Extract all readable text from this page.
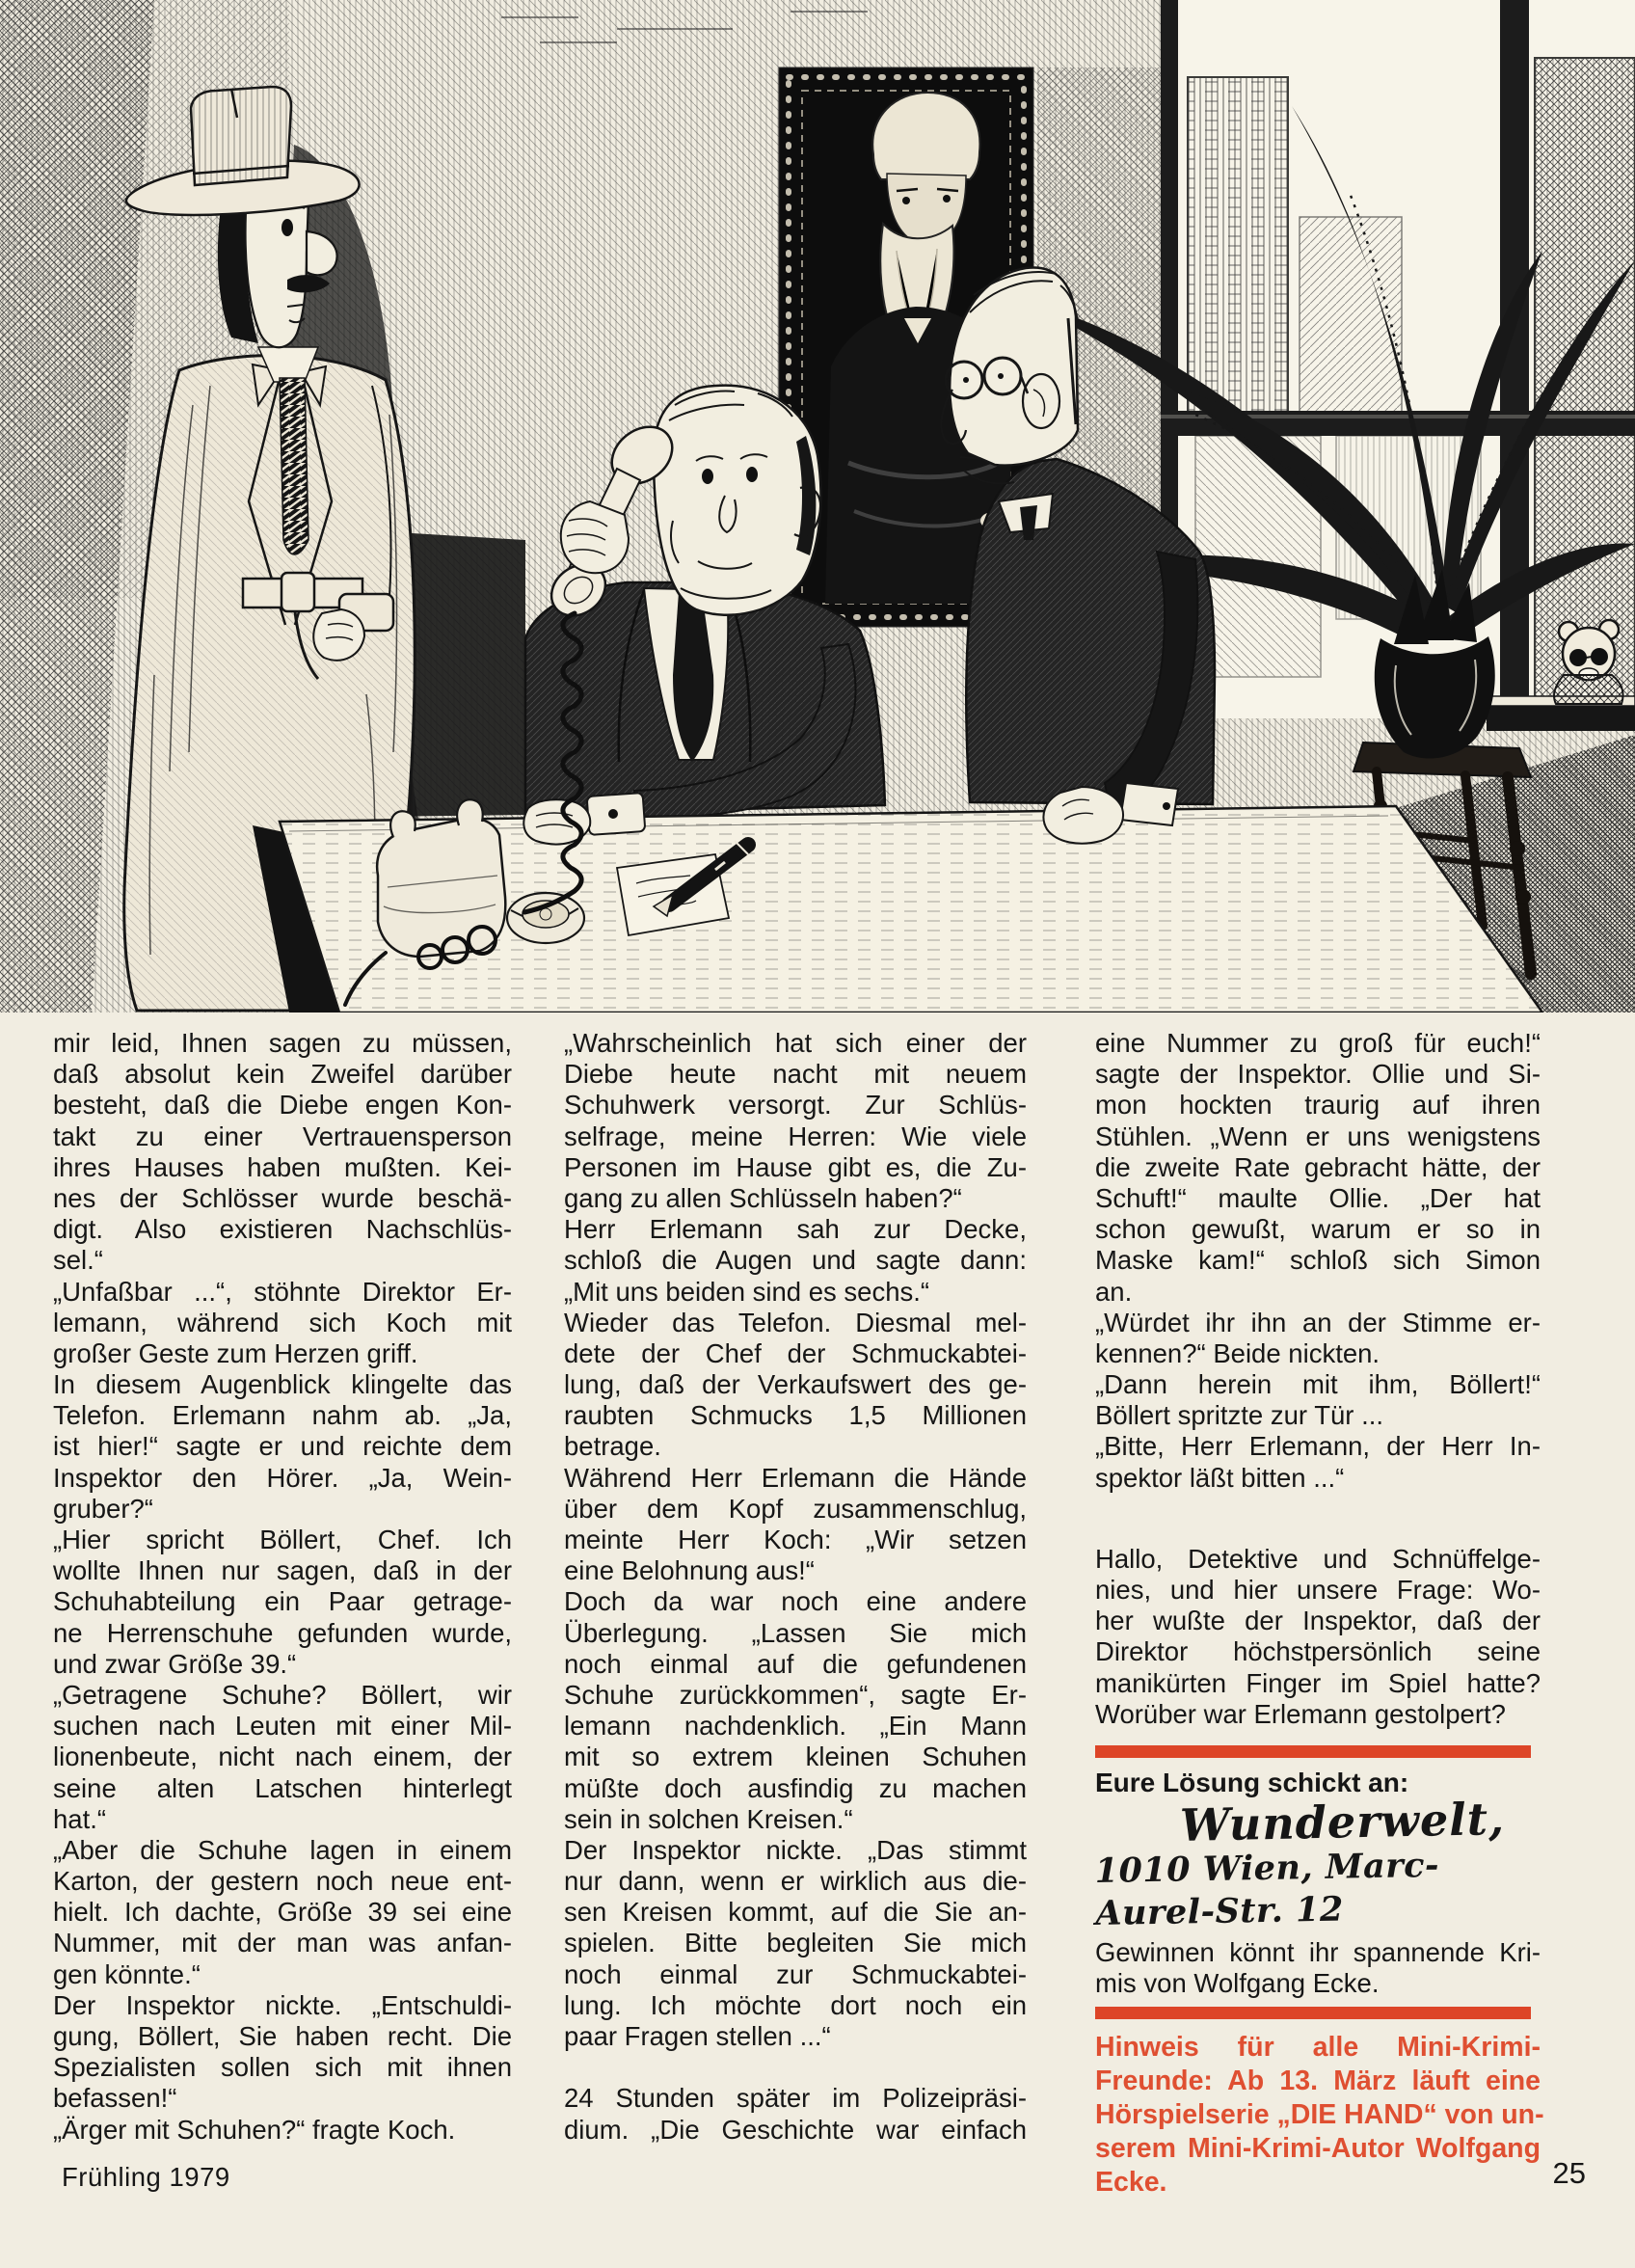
mir leid, Ihnen sagen zu müssen,
daß absolut kein Zweifel darüber
besteht, daß die Diebe engen Kon-
takt zu einer Vertrauensperson
ihres Hauses haben mußten. Kei-
nes der Schlösser wurde beschä-
digt. Also existieren Nachschlüs-
sel.“
„Unfaßbar ...“, stöhnte Direktor Er-
lemann, während sich Koch mit
großer Geste zum Herzen griff.
In diesem Augenblick klingelte das
Telefon. Erlemann nahm ab. „Ja,
ist hier!“ sagte er und reichte dem
Inspektor den Hörer. „Ja, Wein-
gruber?“
„Hier spricht Böllert, Chef. Ich
wollte Ihnen nur sagen, daß in der
Schuhabteilung ein Paar getrage-
ne Herrenschuhe gefunden wurde,
und zwar Größe 39.“
„Getragene Schuhe? Böllert, wir
suchen nach Leuten mit einer Mil-
lionenbeute, nicht nach einem, der
seine alten Latschen hinterlegt
hat.“
„Aber die Schuhe lagen in einem
Karton, der gestern noch neue ent-
hielt. Ich dachte, Größe 39 sei eine
Nummer, mit der man was anfan-
gen könnte.“
Der Inspektor nickte. „Entschuldi-
gung, Böllert, Sie haben recht. Die
Spezialisten sollen sich mit ihnen
befassen!“
„Ärger mit Schuhen?“ fragte Koch.
„Wahrscheinlich hat sich einer der
Diebe heute nacht mit neuem
Schuhwerk versorgt. Zur Schlüs-
selfrage, meine Herren: Wie viele
Personen im Hause gibt es, die Zu-
gang zu allen Schlüsseln haben?“
Herr Erlemann sah zur Decke,
schloß die Augen und sagte dann:
„Mit uns beiden sind es sechs.“
Wieder das Telefon. Diesmal mel-
dete der Chef der Schmuckabtei-
lung, daß der Verkaufswert des ge-
raubten Schmucks 1,5 Millionen
betrage.
Während Herr Erlemann die Hände
über dem Kopf zusammenschlug,
meinte Herr Koch: „Wir setzen
eine Belohnung aus!“
Doch da war noch eine andere
Überlegung. „Lassen Sie mich
noch einmal auf die gefundenen
Schuhe zurückkommen“, sagte Er-
lemann nachdenklich. „Ein Mann
mit so extrem kleinen Schuhen
müßte doch ausfindig zu machen
sein in solchen Kreisen.“
Der Inspektor nickte. „Das stimmt
nur dann, wenn er wirklich aus die-
sen Kreisen kommt, auf die Sie an-
spielen. Bitte begleiten Sie mich
noch einmal zur Schmuckabtei-
lung. Ich möchte dort noch ein
paar Fragen stellen ...“
24 Stunden später im Polizeipräsi-
dium. „Die Geschichte war einfach
eine Nummer zu groß für euch!“
sagte der Inspektor. Ollie und Si-
mon hockten traurig auf ihren
Stühlen. „Wenn er uns wenigstens
die zweite Rate gebracht hätte, der
Schuft!“ maulte Ollie. „Der hat
schon gewußt, warum er so in
Maske kam!“ schloß sich Simon
an.
„Würdet ihr ihn an der Stimme er-
kennen?“ Beide nickten.
„Dann herein mit ihm, Böllert!“
Böllert spritzte zur Tür ...
„Bitte, Herr Erlemann, der Herr In-
spektor läßt bitten ...“
Hallo, Detektive und Schnüffelge-
nies, und hier unsere Frage: Wo-
her wußte der Inspektor, daß der
Direktor höchstpersönlich seine
manikürten Finger im Spiel hatte?
Worüber war Erlemann gestolpert?
Eure Lösung schickt an:
Wunderwelt,
1010 Wien, Marc-Aurel-Str. 12
Gewinnen könnt ihr spannende Kri-
mis von Wolfgang Ecke.
Hinweis für alle Mini-Krimi-
Freunde: Ab 13. März läuft eine
Hörspielserie „DIE HAND“ von un-
serem Mini-Krimi-Autor Wolfgang
Ecke.
Frühling 1979	25
